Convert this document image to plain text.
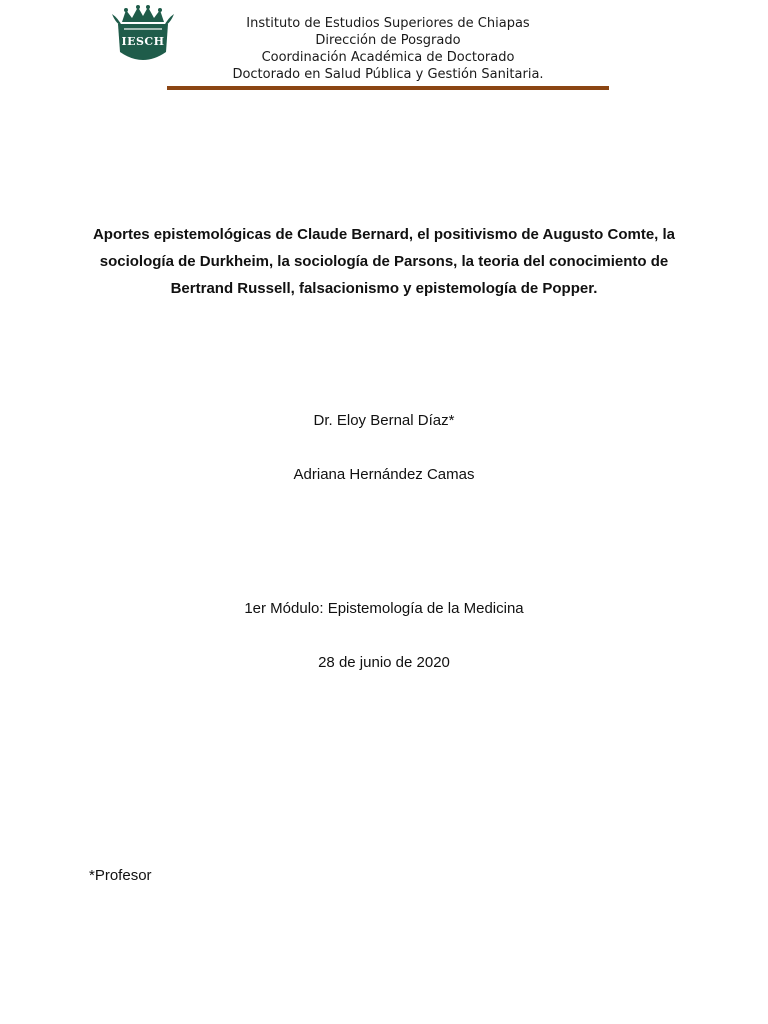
IESCH
Instituto de Estudios Superiores de Chiapas
Dirección de Posgrado
Coordinación Académica de Doctorado
Doctorado en Salud Pública y Gestión Sanitaria.
Aportes epistemológicas de Claude Bernard, el positivismo de Augusto Comte, la
sociología de Durkheim, la sociología de Parsons, la teoria del conocimiento de
Bertrand Russell, falsacionismo y epistemología de Popper.
Dr. Eloy Bernal Díaz*
Adriana Hernández Camas
1er Módulo: Epistemología de la Medicina
28 de junio de 2020
*Profesor
